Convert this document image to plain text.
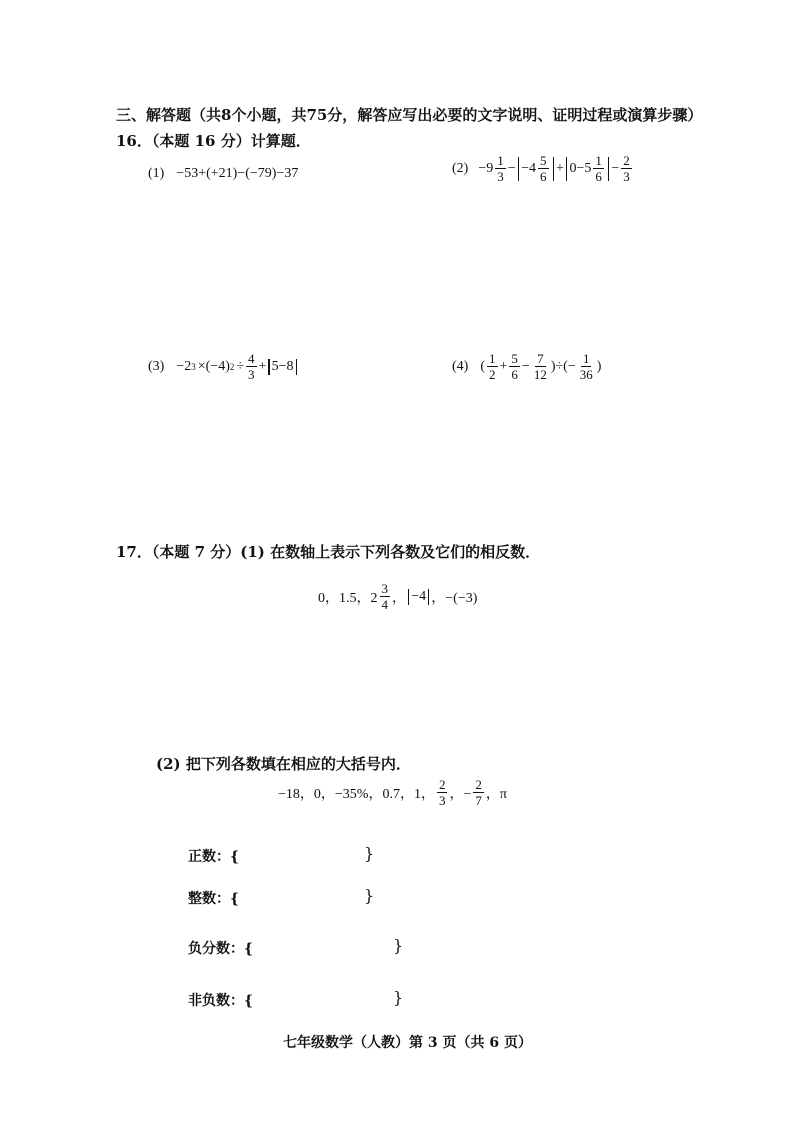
三、解答题（共8个小题，共75分，解答应写出必要的文字说明、证明过程或演算步骤）
16．（本题 16 分）计算题．
(1) −53+(+21)−(−79)−37	$(2) -9 \frac{1}{3} - -4 \frac{5}{6} + 0-5 \frac{1}{6} - \frac{2}{3}$
(3) −2 3 ×(−4) $2 \div \frac{4}{3} + 5-8$	(4) ( $\frac{1}{2} + \frac{5}{6} - \frac{7}{12}$ )÷(− $\frac{1}{36}$ )
17．（本题 7 分）(1) 在数轴上表示下列各数及它们的相反数．
0，1.5，$2 \frac{3}{4}$ ， −4 ，−(−3)
(2) 把下列各数填在相应的大括号内．
−18，0，−35%，0.7，1， $\frac{2}{3}$ ，− $\frac{2}{7}$ ，π
正数：{	}
整数：{	}
负分数：{	}
非负数：{	}
七年级数学（人教）第 3 页（共 6 页）
